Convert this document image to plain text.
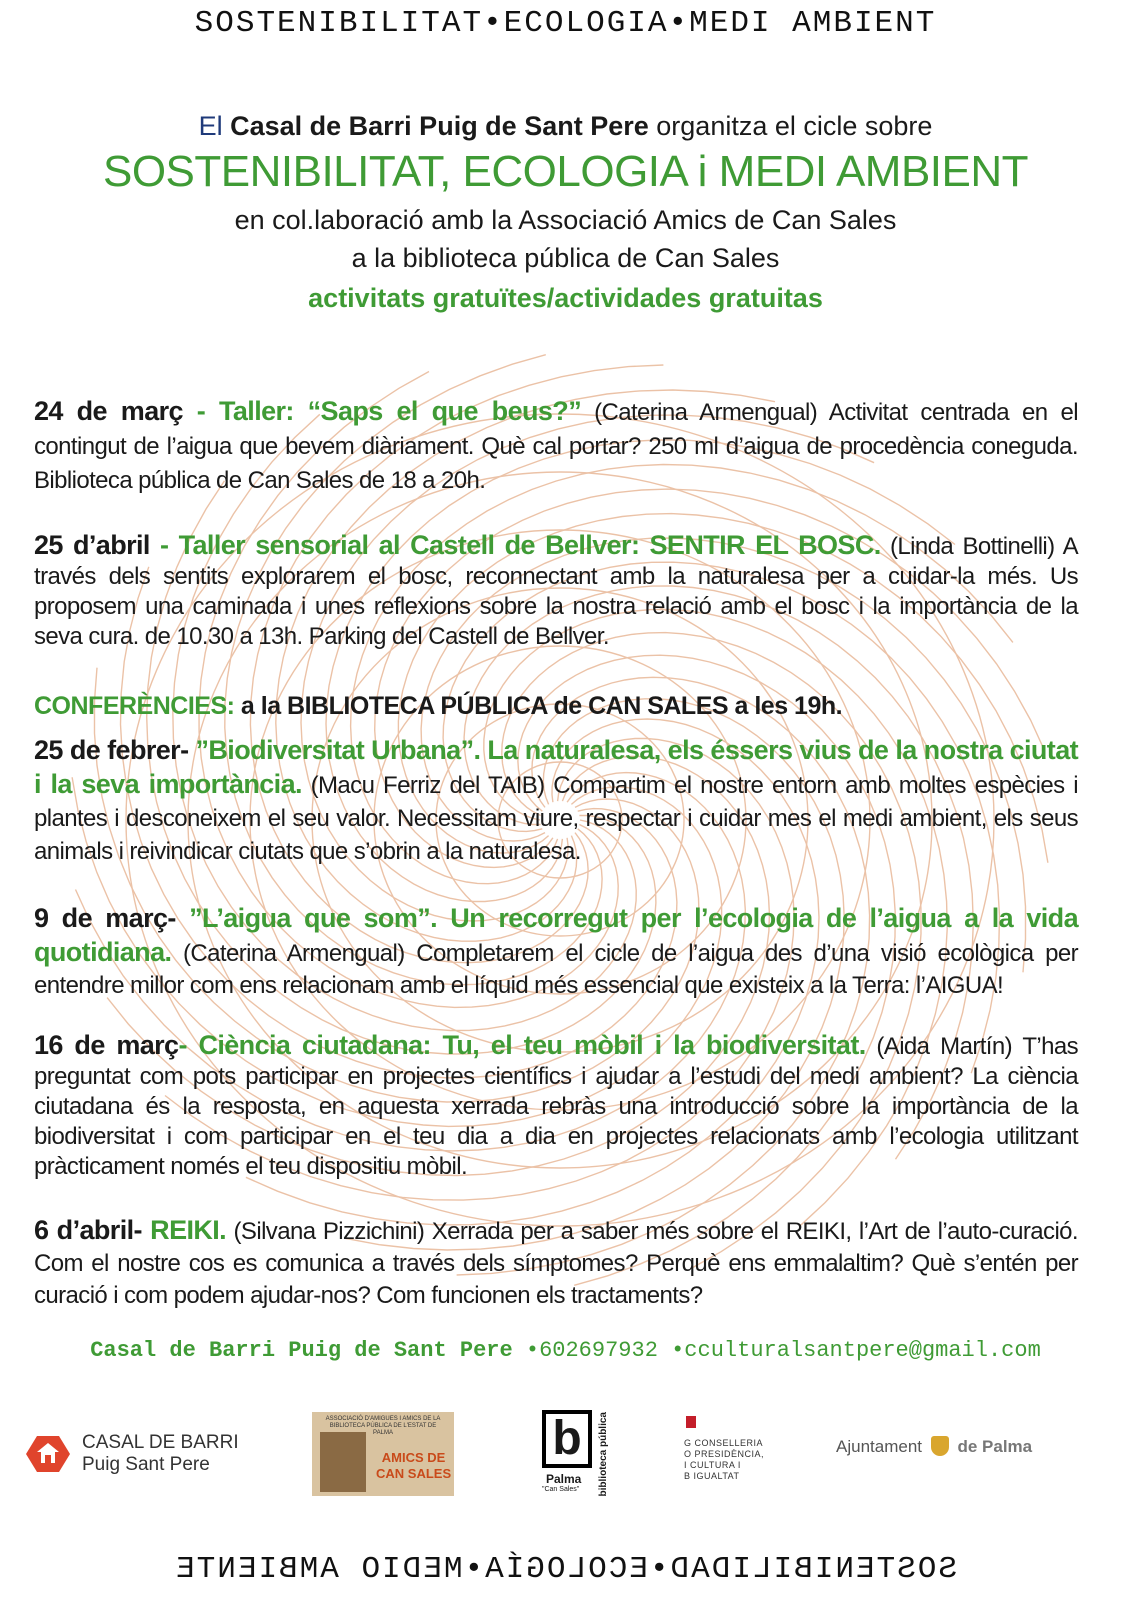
SOSTENIBILITAT•ECOLOGIA•MEDI AMBIENT
El Casal de Barri Puig de Sant Pere organitza el cicle sobre
SOSTENIBILITAT, ECOLOGIA i MEDI AMBIENT
en col.laboració amb la Associació Amics de Can Sales
a la biblioteca pública de Can Sales
activitats gratuïtes/actividades gratuitas
24 de març - Taller: “Saps el que beus?” (Caterina Armengual) Activitat centrada en el contingut de l’aigua que bevem diàriament. Què cal portar? 250 ml d’aigua de procedència coneguda. Biblioteca pública de Can Sales de 18 a 20h.
25 d’abril - Taller sensorial al Castell de Bellver: SENTIR EL BOSC. (Linda Bottinelli) A través dels sentits explorarem el bosc, reconnectant amb la naturalesa per a cuidar-la més. Us proposem una caminada i unes reflexions sobre la nostra relació amb el bosc i la importància de la seva cura. de 10.30 a 13h. Parking del Castell de Bellver.
CONFERÈNCIES: a la BIBLIOTECA PÚBLICA de CAN SALES a les 19h.
25 de febrer- ”Biodiversitat Urbana”. La naturalesa, els éssers vius de la nostra ciutat i la seva importància. (Macu Ferriz del TAIB) Compartim el nostre entorn amb moltes espècies i plantes i desconeixem el seu valor. Necessitam viure, respectar i cuidar mes el medi ambient, els seus animals i reivindicar ciutats que s’obrin a la naturalesa.
9 de març- ”L’aigua que som”. Un recorregut per l’ecologia de l’aigua a la vida quotidiana. (Caterina Armengual) Completarem el cicle de l’aigua des d’una visió ecològica per entendre millor com ens relacionam amb el líquid més essencial que existeix a la Terra: l’AIGUA!
16 de març- Ciència ciutadana: Tu, el teu mòbil i la biodiversitat. (Aida Martín) T’has preguntat com pots participar en projectes científics i ajudar a l’estudi del medi ambient? La ciència ciutadana és la resposta, en aquesta xerrada rebràs una introducció sobre la importància de la biodiversitat i com participar en el teu dia a dia en projectes relacionats amb l’ecologia utilitzant pràcticament només el teu dispositiu mòbil.
6 d’abril- REIKI. (Silvana Pizzichini) Xerrada per a saber més sobre el REIKI, l’Art de l’auto-curació. Com el nostre cos es comunica a través dels símptomes? Perquè ens emmalaltim? Què s’entén per curació i com podem ajudar-nos? Com funcionen els tractaments?
Casal de Barri Puig de Sant Pere •602697932 •cculturalsantpere@gmail.com
CASAL DE BARRI
Puig Sant Pere
ASSOCIACIÓ D'AMIGUES I AMICS DE LA BIBLIOTECA PÚBLICA DE L'ESTAT DE PALMA
AMICS DE
CAN SALES
b	biblioteca pública
Palma
"Can Sales"
G CONSELLERIA
O PRESIDÈNCIA,
I CULTURA I
B IGUALTAT
Ajuntament de Palma
SOSTENIBILIDAD•ECOLOGÍA•MEDIO AMBIENTE
